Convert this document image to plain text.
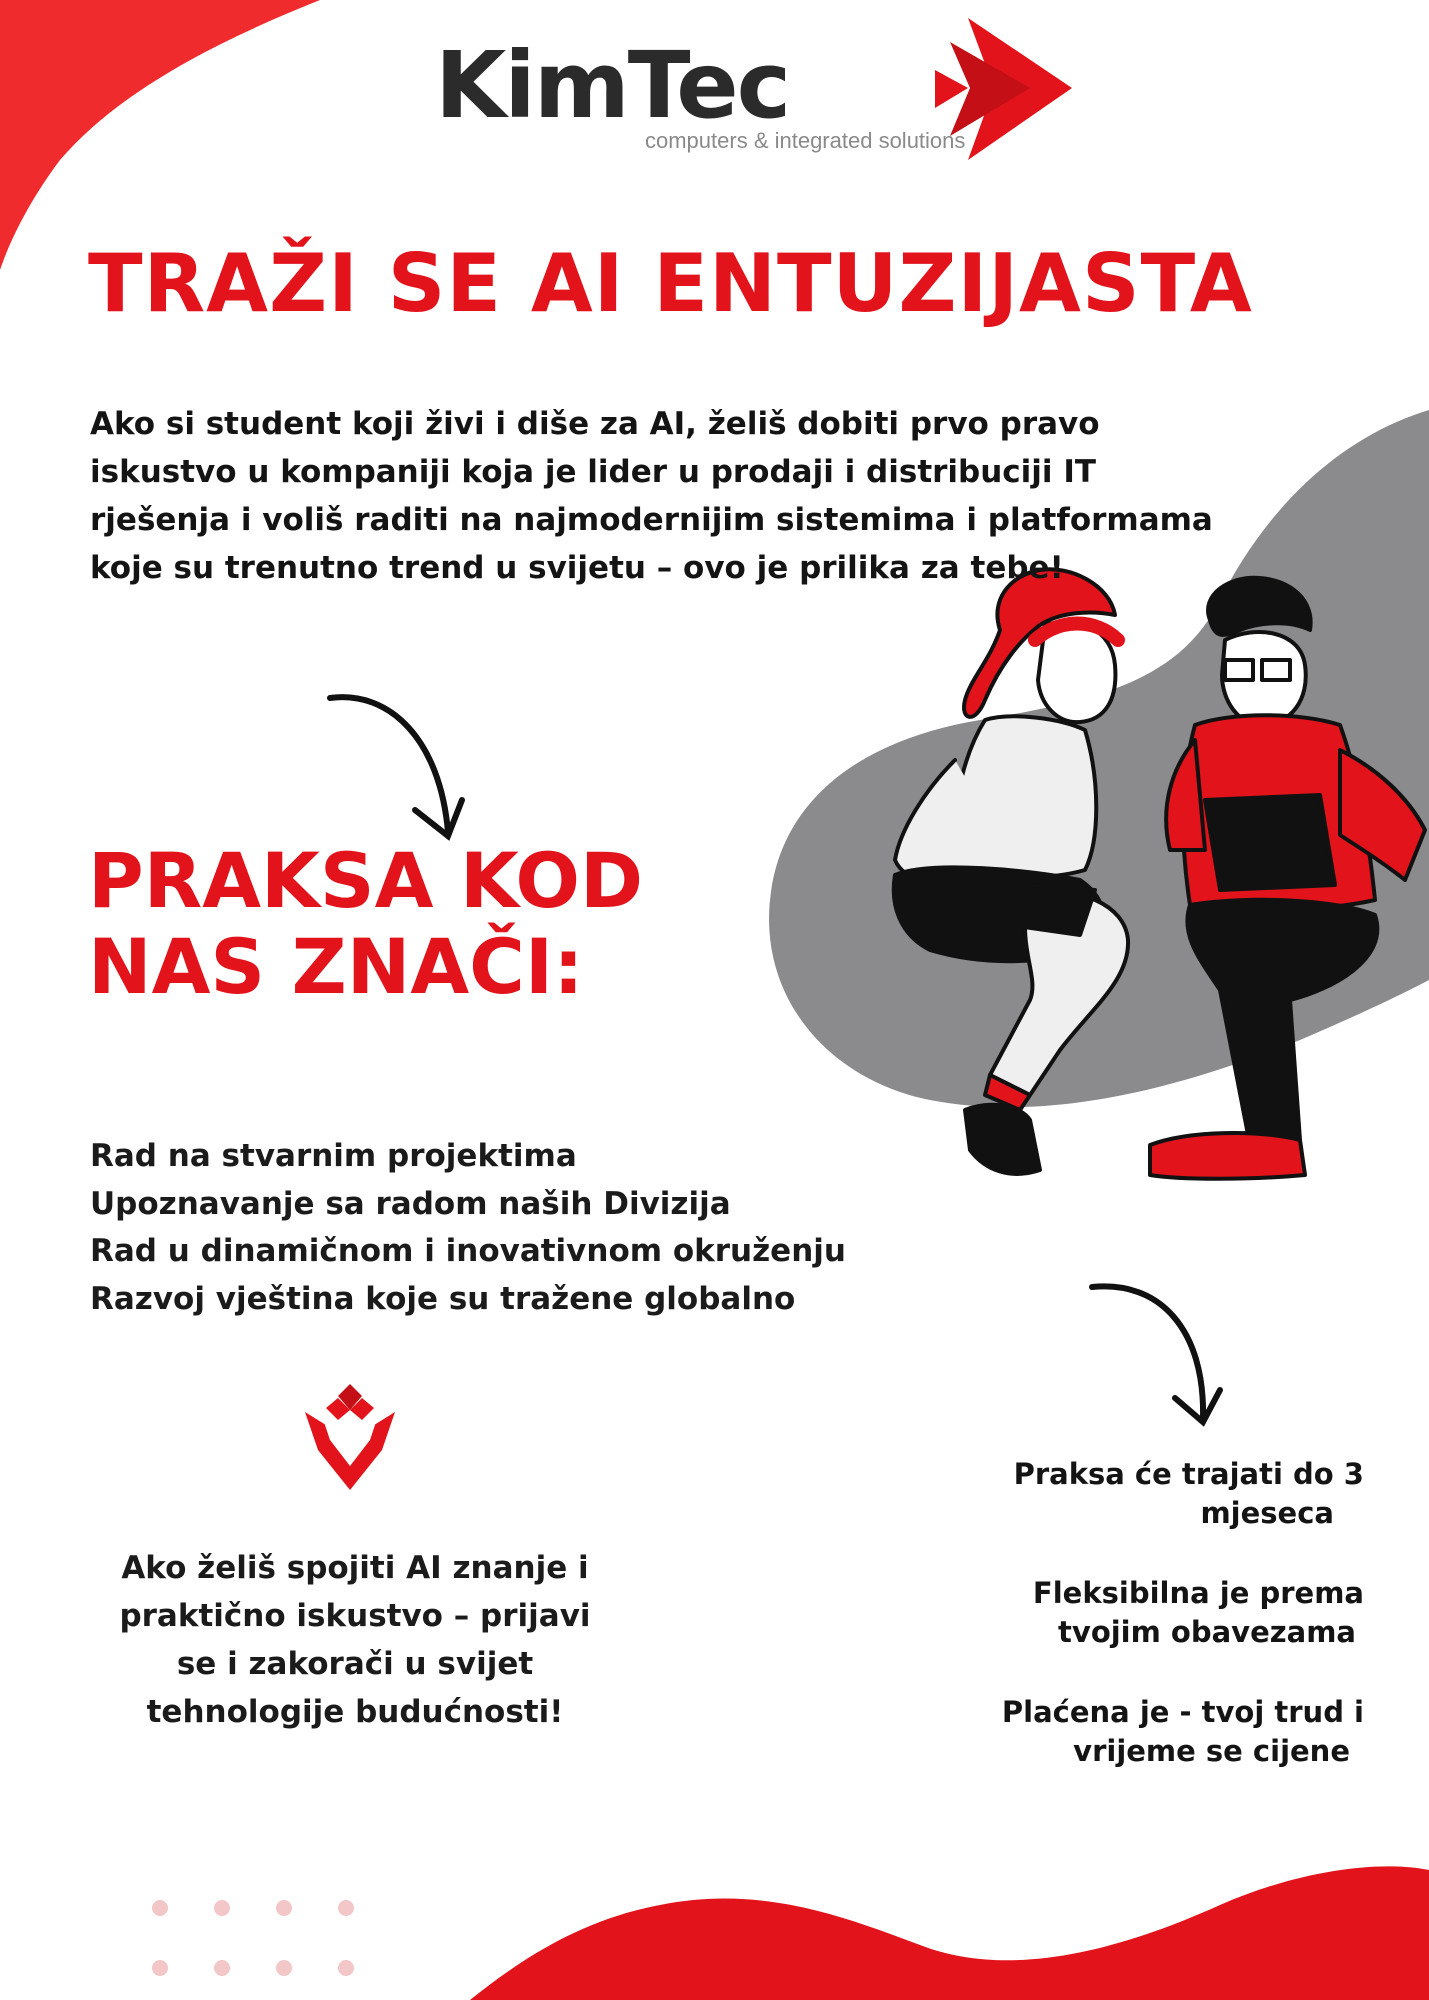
KimTec
computers & integrated solutions
TRAŽI SE AI ENTUZIJASTA

Ako si student koji živi i diše za AI, želiš dobiti prvo pravo iskustvo u kompaniji koja je lider u prodaji i distribuciji IT rješenja i voliš raditi na najmodernijim sistemima i platformama koje su trenutno trend u svijetu – ovo je prilika za tebe!

PRAKSA KOD
NAS ZNAČI:
Rad na stvarnim projektima
Upoznavanje sa radom naših Divizija
Rad u dinamičnom i inovativnom okruženju
Razvoj vještina koje su tražene globalno

Ako želiš spojiti AI znanje i praktično iskustvo – prijavi se i zakorači u svijet tehnologije budućnosti!

Praksa će trajati do 3
mjeseca

Fleksibilna je prema
tvojim obavezama

Plaćena je - tvoj trud i
vrijeme se cijene
